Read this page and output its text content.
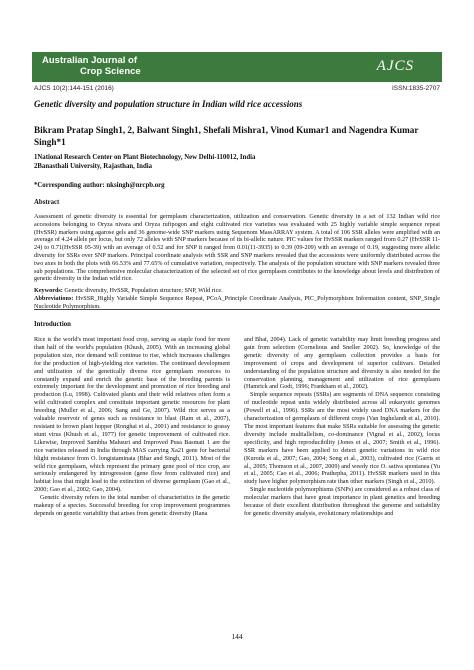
Australian Journal of
Crop Science	AJCS
AJCS 10(2):144-151 (2016)	ISSN:1835-2707
Genetic diversity and population structure in Indian wild rice accessions
Bikram Pratap Singh1, 2, Balwant Singh1, Shefali Mishra1, Vinod Kumar1 and Nagendra Kumar Singh*1
1National Research Center on Plant Biotechnology, New Delhi-110012, India
2Banasthali University, Rajasthan, India
*Corresponding author: nksingh@nrcpb.org
Abstract
Assessment of genetic diversity is essential for germplasm characterization, utilization and conservation. Genetic diversity in a set of 132 Indian wild rice accessions belonging to Oryza nivara and Oryza rufipogon and eight cultivated rice varieties was evaluated with 25 highly variable simple sequence repeat (HvSSR) markers using agarose gels and 36 genome-wide SNP markers using Sequenom MassARRAY system. A total of 106 SSR alleles were amplified with an average of 4.24 allele per locus, but only 72 alleles with SNP markers because of its bi-allelic nature. PIC values for HvSSR markers ranged from 0.27 (HvSSR 11-24) to 0.71(HvSSR 05-39) with an average of 0.52 and for SNP it ranged from 0.01(11-3935) to 0.39 (09-209) with an average of 0.19, suggesting more allelic diversity for SSRs over SNP markers. Principal coordinate analysis with SSR and SNP markers revealed that the accessions were uniformly distributed across the two axes in both the plots with 66.53% and 77.65% of cumulative variation, respectively. The analysis of the population structure with SNP markers revealed three sub populations. The comprehensive molecular characterization of the selected set of rice germplasm contributes to the knowledge about levels and distribution of genetic diversity in the Indian wild rice.
Keywords: Genetic diversity, HvSSR, Population structure; SNP, Wild rice.
Abbreviations: HvSSR_Highly Variable Simple Sequence Repeat, PCoA_Principle Coordinate Analysis, PIC_Polymorphism Information content, SNP_Single Nucleotide Polymorphism.
Introduction

Rice is the world's most important food crop, serving as staple food for more than half of the world's population (Khush, 2005). With an increasing global population size, rice demand will continue to rise, which increases challenges for the production of high-yielding rice varieties. The continued development and utilization of the genetically diverse rice germplasm resources to constantly expand and enrich the genetic base of the breeding parents is extremely important for the development and promotion of rice breeding and production (Lu, 1998). Cultivated plants and their wild relatives often form a wild cultivated complex and constitute important genetic resources for plant breeding (Muller et al., 2006; Sang and Ge, 2007). Wild rice serves as a valuable reservoir of genes such as resistance to blast (Ram et al., 2007), resistant to brown plant hopper (Ronghai et al., 2001) and resistance to grassy stunt virus (Khush et al., 1977) for genetic improvement of cultivated rice. Likewise, Improved Sambha Mahsuri and Improved Pusa Basmati 1 are the rice varieties released in India through MAS carrying Xa21 gene for bacterial blight resistance from O. longistaminata (Bhar and Singh, 2011). Most of the wild rice germplasm, which represent the primary gene pool of rice crop, are seriously endangered by introgression (gene flow from cultivated rice) and habitat loss that might lead to the extinction of diverse germplasm (Gao et al., 2000; Gao et al., 2002; Gao, 2004).

Genetic diversity refers to the total number of characteristics in the genetic makeup of a species. Successful breeding for crop improvement programmes depends on genetic variability that arises from genetic diversity (Rana

and Bhat, 2004). Lack of genetic variability may limit breeding progress and gain from selection (Cornelious and Sneller 2002). So, knowledge of the genetic diversity of any germplasm collection provides a basis for improvement of crops and development of superior cultivars. Detailed understanding of the population structure and diversity is also needed for the conservation planning, management and utilization of rice germplasm (Hamrick and Godt, 1996; Frankham et al., 2002).

Simple sequence repeats (SSRs) are segments of DNA sequence consisting of nucleotide repeat units widely distributed across all eukaryotic genomes (Powell et al., 1996). SSRs are the most widely used DNA markers for the characterization of germplasm of different crops (Van Inghelandt et al., 2010). The most important features that make SSRs suitable for assessing the genetic diversity include multiallelism, co-dominance (Vignal et al., 2002), locus specificity, and high reproducibility (Jones et al., 2007; Smith et al., 1996). SSR markers have been applied to detect genetic variations in wild rice (Kuroda et al., 2007; Gao, 2004; Song et al., 2003), cultivated rice (Garris et al., 2005; Thomson et al., 2007, 2009) and weedy rice O. sativa spontanea (Yu et al., 2005; Cao et al., 2006; Prathepha, 2011). HvSSR markers used in this study have higher polymorphism rate than other markers (Singh et al., 2010).

Single nucleotide polymorphisms (SNPs) are considered as a robust class of molecular markers that have great importance in plant genetics and breeding because of their excellent distribution throughout the genome and suitability for genetic diversity analysis, evolutionary relationships and

144
